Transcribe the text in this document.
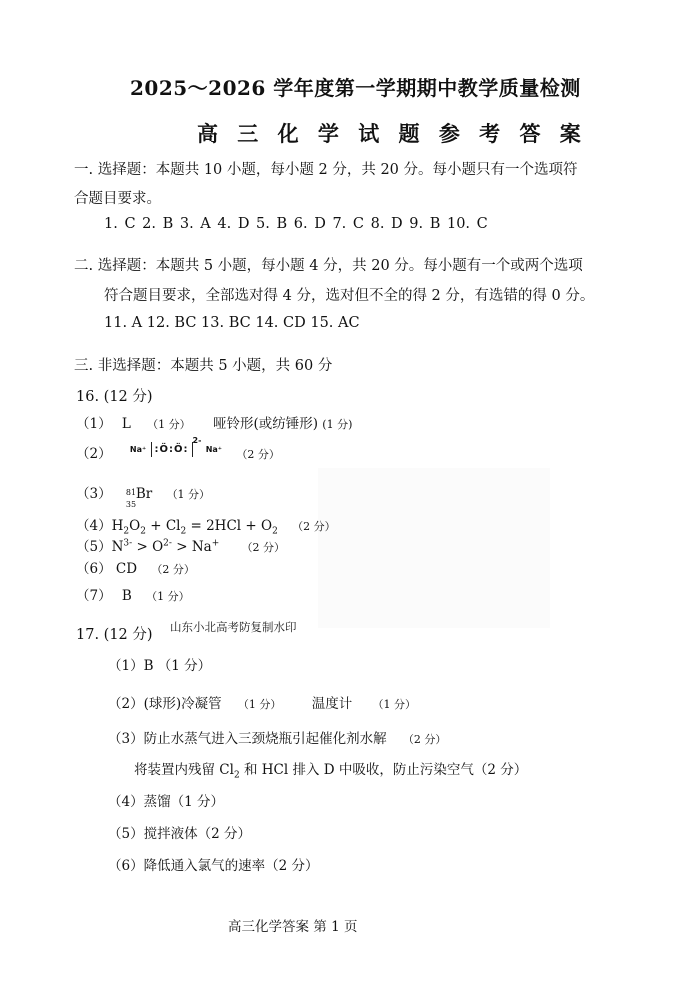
2025～2026 学年度第一学期期中教学质量检测
高 三 化 学 试 题 参 考 答 案
一. 选择题：本题共 10 小题，每小题 2 分，共 20 分。每小题只有一个选项符
合题目要求。
1. C 2. B 3. A 4. D 5. B 6. D 7. C 8. D 9. B 10. C
二. 选择题：本题共 5 小题，每小题 4 分，共 20 分。每小题有一个或两个选项
符合题目要求，全部选对得 4 分，选对但不全的得 2 分，有选错的得 0 分。
11. A 12. BC 13. BC 14. CD 15. AC
三. 非选择题：本题共 5 小题，共 60 分
16. (12 分)
（1） L （1 分） 哑铃形(或纺锤形) (1 分)
（2） $^{Na^+}$ :Ö:Ö:$^{2-}$ $^{Na^+}$ （2 分）
（3） 81
35
Br （1 分）
$(4)H_2O_2 + Cl_2 = 2HCl + O_2$ （2 分）
$(5)N^{3-} > O^{2-} > Na^+$ （2 分）
（6） CD （2 分）
（7） B （1 分）
17. (12 分) 山东小北高考防复制水印
（1）B （1 分）
（2）(球形)冷凝管 （1 分） 温度计 （1 分）
（3）防止水蒸气进入三颈烧瓶引起催化剂水解 （2 分）
将装置内残留 $Cl_2$ 和 HCl 排入 D 中吸收，防止污染空气（2 分）
（4）蒸馏（1 分）
（5）搅拌液体（2 分）
（6）降低通入氯气的速率（2 分）
高三化学答案 第 1 页
